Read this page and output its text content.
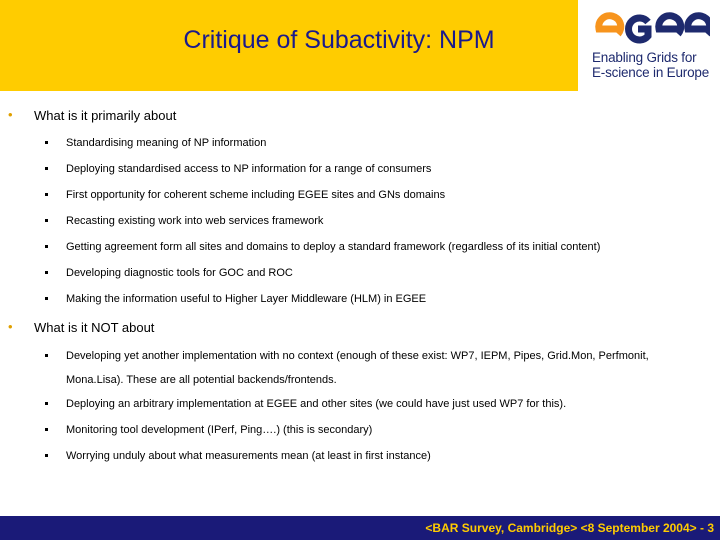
Critique of Subactivity: NPM
Enabling Grids for
E-science in Europe
• What is it primarily about
Standardising meaning of NP information
Deploying standardised access to NP information for a range of consumers
First opportunity for coherent scheme including EGEE sites and GNs domains
Recasting existing work into web services framework
Getting agreement form all sites and domains to deploy a standard framework (regardless of its initial content)
Developing diagnostic tools for GOC and ROC
Making the information useful to Higher Layer Middleware (HLM) in EGEE
• What is it NOT about
Developing yet another implementation with no context (enough of these exist: WP7, IEPM, Pipes, Grid.Mon, Perfmonit,
Mona.Lisa). These are all potential backends/frontends.
Deploying an arbitrary implementation at EGEE and other sites (we could have just used WP7 for this).
Monitoring tool development (IPerf, Ping….) (this is secondary)
Worrying unduly about what measurements mean (at least in first instance)
<BAR Survey, Cambridge> <8 September 2004> - 3
